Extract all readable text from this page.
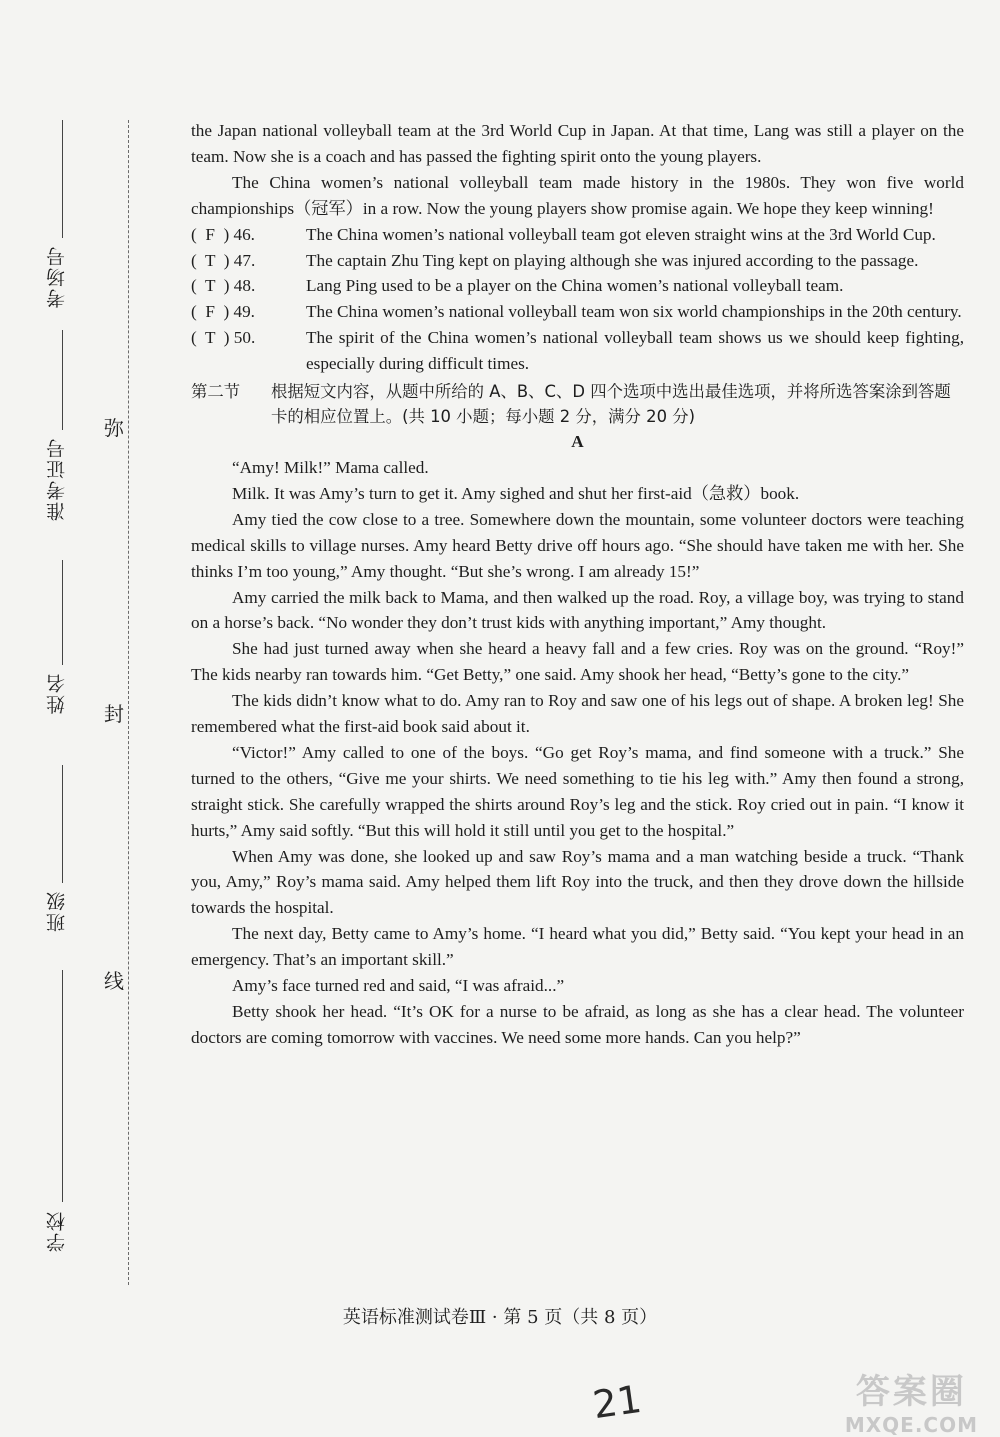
考场号
准考证号
姓名
班级
学校
弥
封
线

the Japan national volleyball team at the 3rd World Cup in Japan. At that time, Lang was still a player on the team. Now she is a coach and has passed the fighting spirit onto the young players.

The China women’s national volleyball team made history in the 1980s. They won five world championships（冠军）in a row. Now the young players show promise again. We hope they keep winning!

(  F  ) 46.	The China women’s national volleyball team got eleven straight wins at the 3rd World Cup.
(  T  ) 47.	The captain Zhu Ting kept on playing although she was injured according to the passage.
(  T  ) 48.	Lang Ping used to be a player on the China women’s national volleyball team.
(  F  ) 49.	The China women’s national volleyball team won six world championships in the 20th century.
(  T  ) 50.	The spirit of the China women’s national volleyball team shows us we should keep fighting, especially during difficult times.
第二节	根据短文内容，从题中所给的 A、B、C、D 四个选项中选出最佳选项，并将所选答案涂到答题卡的相应位置上。(共 10 小题；每小题 2 分，满分 20 分)

A

“Amy! Milk!” Mama called.

Milk. It was Amy’s turn to get it. Amy sighed and shut her first-aid（急救）book.

Amy tied the cow close to a tree. Somewhere down the mountain, some volunteer doctors were teaching medical skills to village nurses. Amy heard Betty drive off hours ago. “She should have taken me with her. She thinks I’m too young,” Amy thought. “But she’s wrong. I am already 15!”

Amy carried the milk back to Mama, and then walked up the road. Roy, a village boy, was trying to stand on a horse’s back. “No wonder they don’t trust kids with anything important,” Amy thought.

She had just turned away when she heard a heavy fall and a few cries. Roy was on the ground. “Roy!” The kids nearby ran towards him. “Get Betty,” one said. Amy shook her head, “Betty’s gone to the city.”

The kids didn’t know what to do. Amy ran to Roy and saw one of his legs out of shape. A broken leg! She remembered what the first-aid book said about it.

“Victor!” Amy called to one of the boys. “Go get Roy’s mama, and find someone with a truck.” She turned to the others, “Give me your shirts. We need something to tie his leg with.” Amy then found a strong, straight stick. She carefully wrapped the shirts around Roy’s leg and the stick. Roy cried out in pain. “I know it hurts,” Amy said softly. “But this will hold it still until you get to the hospital.”

When Amy was done, she looked up and saw Roy’s mama and a man watching beside a truck. “Thank you, Amy,” Roy’s mama said. Amy helped them lift Roy into the truck, and then they drove down the hillside towards the hospital.

The next day, Betty came to Amy’s home. “I heard what you did,” Betty said. “You kept your head in an emergency. That’s an important skill.”

Amy’s face turned red and said, “I was afraid...”

Betty shook her head. “It’s OK for a nurse to be afraid, as long as she has a clear head. The volunteer doctors are coming tomorrow with vaccines. We need some more hands. Can you help?”

英语标准测试卷Ⅲ · 第 5 页（共 8 页）
21	答案圈
MXQE.COM
